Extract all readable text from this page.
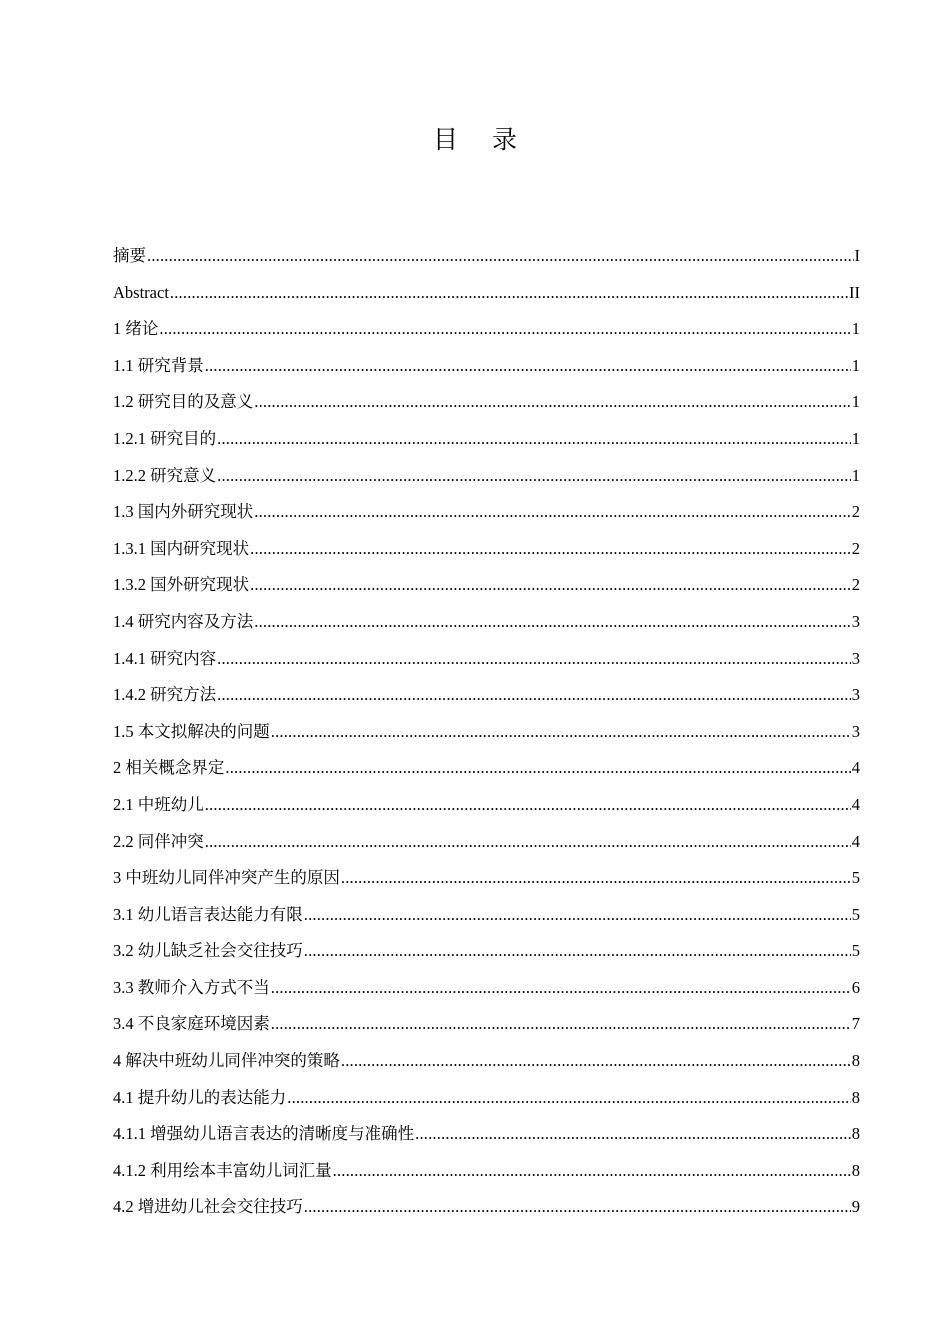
目录
摘要 .....	I
Abstract .....	II
1 绪论 .....	1
1.1 研究背景 .....	1
1.2 研究目的及意义 .....	1
1.2.1 研究目的 .....	1
1.2.2 研究意义 .....	1
1.3 国内外研究现状 .....	2
1.3.1 国内研究现状 .....	2
1.3.2 国外研究现状 .....	2
1.4 研究内容及方法 .....	3
1.4.1 研究内容 .....	3
1.4.2 研究方法 .....	3
1.5 本文拟解决的问题 .....	3
2 相关概念界定 .....	4
2.1 中班幼儿 .....	4
2.2 同伴冲突 .....	4
3 中班幼儿同伴冲突产生的原因 .....	5
3.1 幼儿语言表达能力有限 .....	5
3.2 幼儿缺乏社会交往技巧 .....	5
3.3 教师介入方式不当 .....	6
3.4 不良家庭环境因素 .....	7
4 解决中班幼儿同伴冲突的策略 .....	8
4.1 提升幼儿的表达能力 .....	8
4.1.1 增强幼儿语言表达的清晰度与准确性 .....	8
4.1.2 利用绘本丰富幼儿词汇量 .....	8
4.2 增进幼儿社会交往技巧 .....	9
